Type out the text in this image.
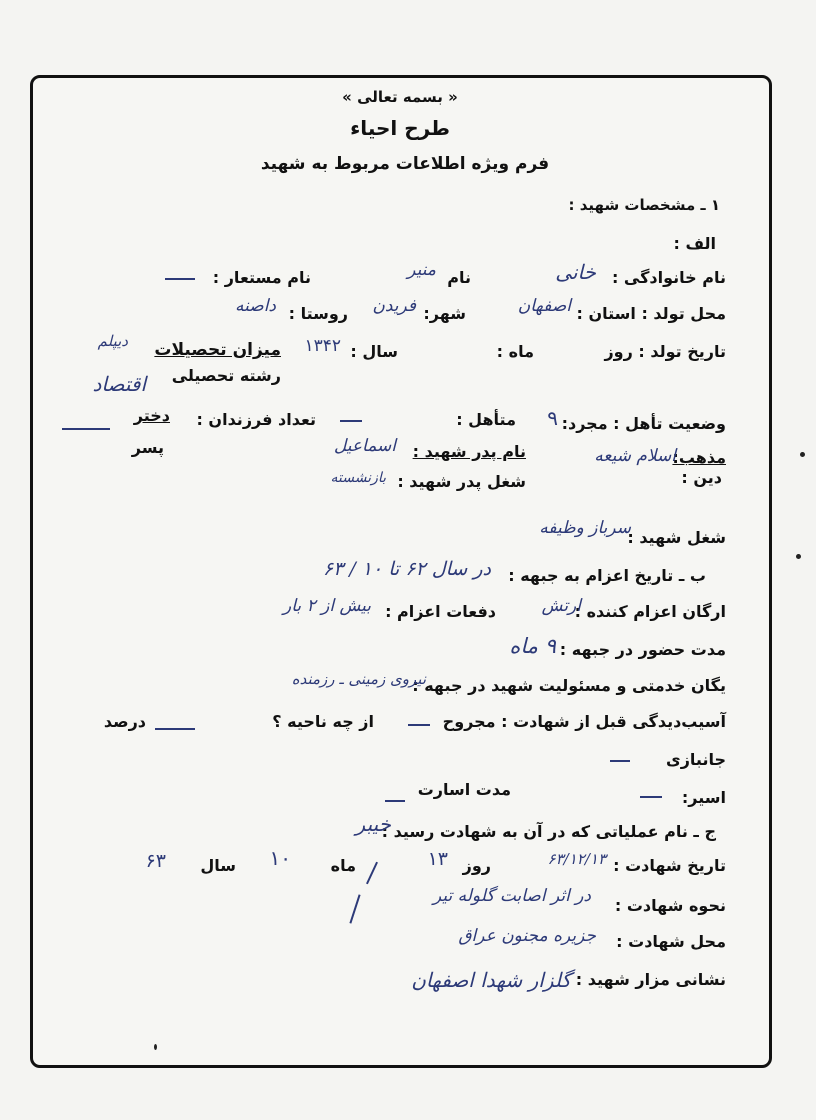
« بسمه تعالی »
طرح احیاء
فرم ویژه اطلاعات مربوط به شهید
۱ ـ مشخصات شهید :
الف :
نام خانوادگی :
خانی
نام
منیر
نام مستعار :
محل تولد : استان :
اصفهان
شهر:
فریدن
روستا :
داصنه
تاریخ تولد : روز
ماه :
سال :
۱۳۴۲
میزان تحصیلات
دیپلم
رشته تحصیلی
اقتصاد
وضعیت تأهل : مجرد:
۹
متأهل :
تعداد فرزندان :
دختر
پسر
مذهب:
اسلام شیعه
دین :
نام پدر شهید :
اسماعیل
شغل پدر شهید :
بازنشسته
شغل شهید :
سرباز وظیفه
ب ـ تاریخ اعزام به جبهه :
در سال ۶۲ تا ۱۰ / ۶۳
ارگان اعزام کننده :
ارتش
دفعات اعزام :
بیش از ۲ بار
مدت حضور در جبهه :
۹ ماه
یگان خدمتی و مسئولیت شهید در جبهه :
نیروی زمینی ـ رزمنده
آسیب‌دیدگی قبل از شهادت : مجروح
از چه ناحیه ؟
درصد
جانبازی
اسیر:
مدت اسارت
ج ـ نام عملیاتی که در آن به شهادت رسید :
خیبر
تاریخ شهادت :
۶۳/۱۲/۱۳
روز
۱۳
ماه
۱۰
سال
۶۳
نحوه شهادت :
در اثر اصابت گلوله تیر
محل شهادت :
جزیره مجنون عراق
نشانی مزار شهید :
گلزار شهدا اصفهان
